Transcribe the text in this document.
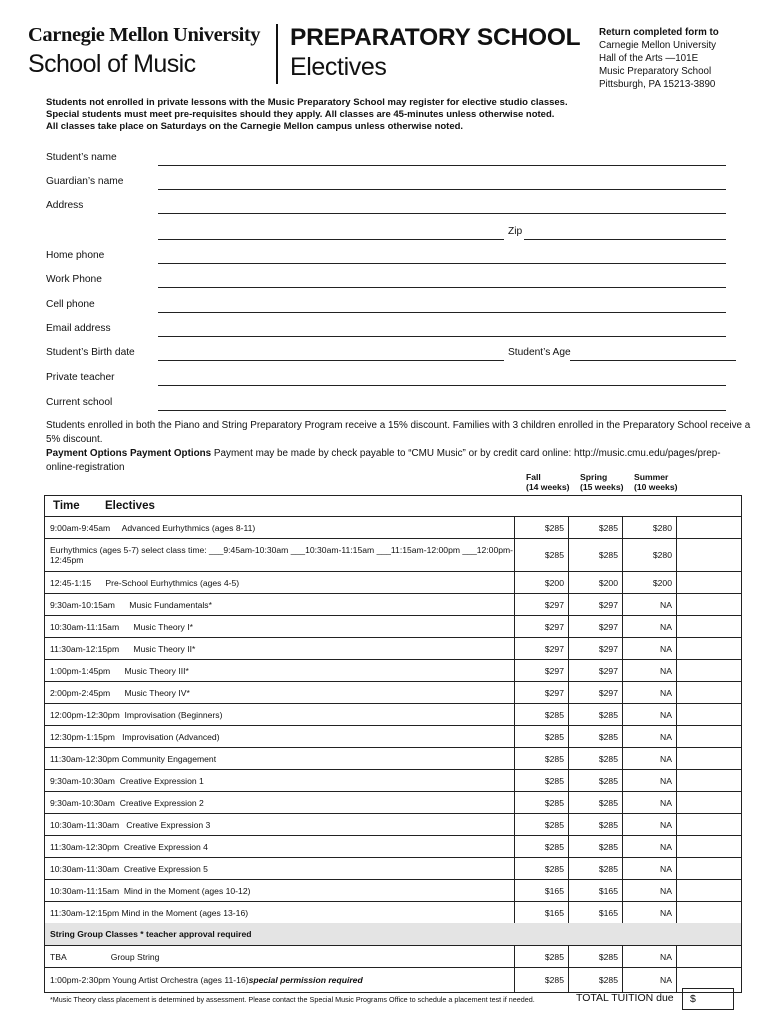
Carnegie Mellon University
School of Music
PREPARATORY SCHOOL
Electives
Return completed form to
Carnegie Mellon University
Hall of the Arts —101E
Music Preparatory School
Pittsburgh, PA 15213-3890
Students not enrolled in private lessons with the Music Preparatory School may register for elective studio classes.
Special students must meet pre-requisites should they apply. All classes are 45-minutes unless otherwise noted.
All classes take place on Saturdays on the Carnegie Mellon campus unless otherwise noted.
Student’s name
Guardian’s name
Address
Zip
Home phone
Work Phone
Cell phone
Email address
Student’s Birth date	Student’s Age
Private teacher
Current school
Students enrolled in both the Piano and String Preparatory Program receive a 15% discount. Families with 3 children enrolled in the Preparatory School receive a 5% discount.
Payment Options Payment Options Payment may be made by check payable to “CMU Music” or by credit card online: http://music.cmu.edu/pages/prep-online-registration
Fall
(14 weeks)
Spring
(15 weeks)
Summer
(10 weeks)
Time	Electives
9:00am-9:45am     Advanced Eurhythmics (ages 8-11)	$285	$285	$280
Eurhythmics (ages 5-7) select class time: ___9:45am-10:30am ___10:30am-11:15am ___11:15am-12:00pm ___12:00pm-12:45pm	$285	$285	$280
12:45-1:15      Pre-School Eurhythmics (ages 4-5)	$200	$200	$200
9:30am-10:15am      Music Fundamentals*	$297	$297	NA
10:30am-11:15am      Music Theory I*	$297	$297	NA
11:30am-12:15pm      Music Theory II*	$297	$297	NA
1:00pm-1:45pm      Music Theory III*	$297	$297	NA
2:00pm-2:45pm      Music Theory IV*	$297	$297	NA
12:00pm-12:30pm  Improvisation (Beginners)	$285	$285	NA
12:30pm-1:15pm   Improvisation (Advanced)	$285	$285	NA
11:30am-12:30pm Community Engagement	$285	$285	NA
9:30am-10:30am  Creative Expression 1	$285	$285	NA
9:30am-10:30am  Creative Expression 2	$285	$285	NA
10:30am-11:30am   Creative Expression 3	$285	$285	NA
11:30am-12:30pm  Creative Expression 4	$285	$285	NA
10:30am-11:30am  Creative Expression 5	$285	$285	NA
10:30am-11:15am  Mind in the Moment (ages 10-12)	$165	$165	NA
11:30am-12:15pm Mind in the Moment (ages 13-16)	$165	$165	NA
String Group Classes * teacher approval required
TBA	Group String	$285	$285	NA
1:00pm-2:30pm Young Artist Orchestra (ages 11-16) special permission required	$285	$285	NA
*Music Theory class placement is determined by assessment. Please contact the Special Music Programs Office to schedule a placement test if needed.	TOTAL TUITION due	$
